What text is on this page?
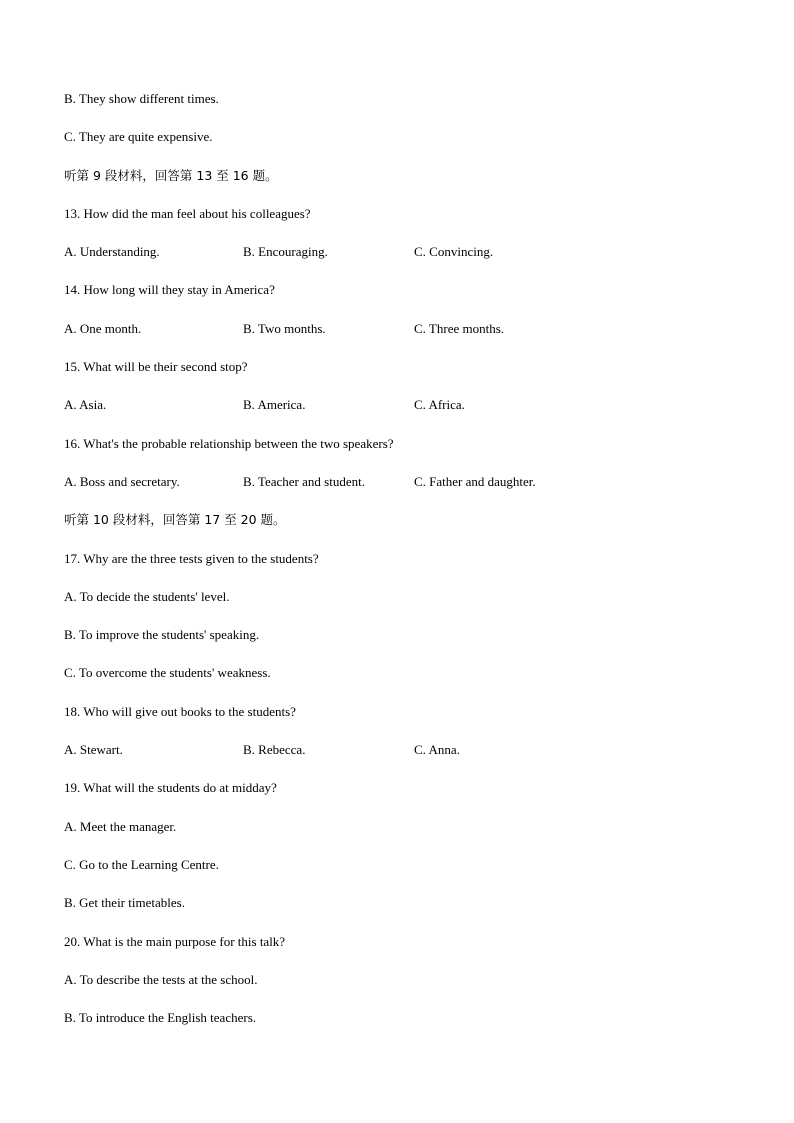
B. They show different times.
C. They are quite expensive.
听第 9 段材料，回答第 13 至 16 题。
13. How did the man feel about his colleagues?
A. Understanding.	B. Encouraging.	C. Convincing.
14. How long will they stay in America?
A. One month.	B. Two months.	C. Three months.
15. What will be their second stop?
A. Asia.	B. America.	C. Africa.
16. What's the probable relationship between the two speakers?
A. Boss and secretary.	B. Teacher and student.	C. Father and daughter.
听第 10 段材料，回答第 17 至 20 题。
17. Why are the three tests given to the students?
A. To decide the students' level.
B. To improve the students' speaking.
C. To overcome the students' weakness.
18. Who will give out books to the students?
A. Stewart.	B. Rebecca.	C. Anna.
19. What will the students do at midday?
A. Meet the manager.
C. Go to the Learning Centre.
B. Get their timetables.
20. What is the main purpose for this talk?
A. To describe the tests at the school.
B. To introduce the English teachers.
